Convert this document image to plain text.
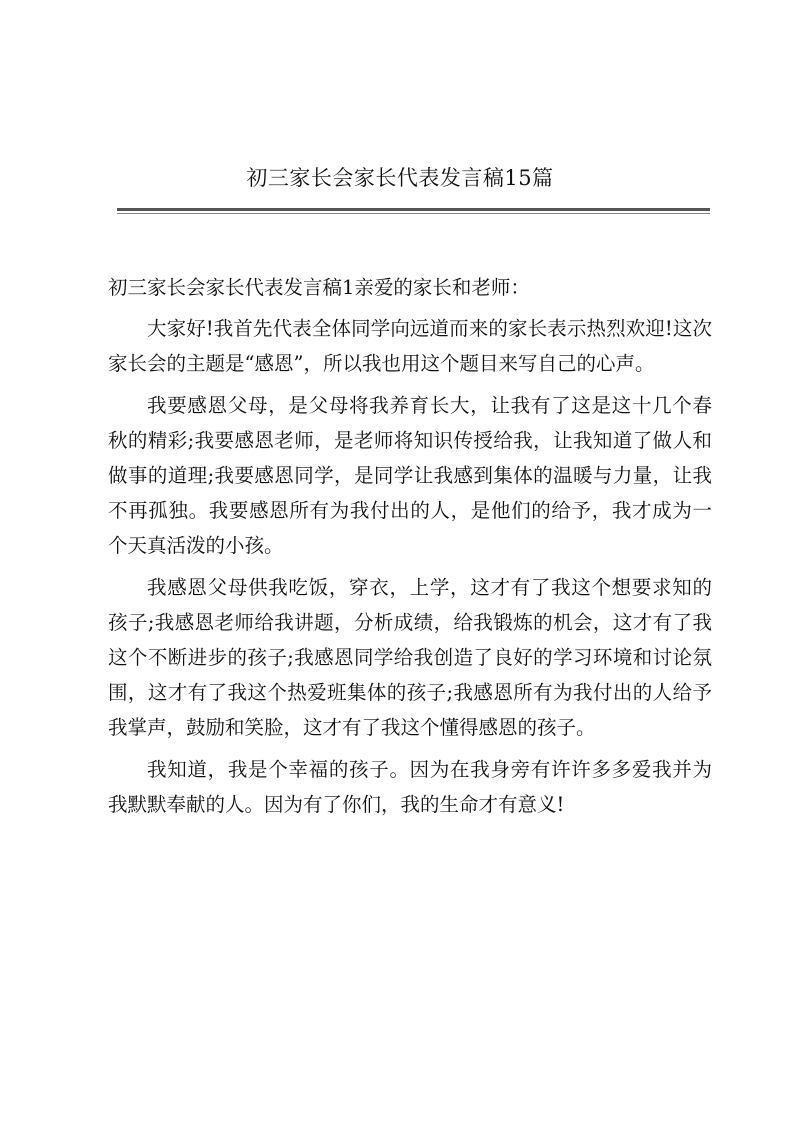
初三家长会家长代表发言稿15篇

初三家长会家长代表发言稿1亲爱的家长和老师：

大家好!我首先代表全体同学向远道而来的家长表示热烈欢迎!这次家长会的主题是“感恩”，所以我也用这个题目来写自己的心声。

我要感恩父母，是父母将我养育长大，让我有了这是这十几个春秋的精彩;我要感恩老师，是老师将知识传授给我，让我知道了做人和做事的道理;我要感恩同学，是同学让我感到集体的温暖与力量，让我不再孤独。我要感恩所有为我付出的人，是他们的给予，我才成为一个天真活泼的小孩。

我感恩父母供我吃饭，穿衣，上学，这才有了我这个想要求知的孩子;我感恩老师给我讲题，分析成绩，给我锻炼的机会，这才有了我这个不断进步的孩子;我感恩同学给我创造了良好的学习环境和讨论氛围，这才有了我这个热爱班集体的孩子;我感恩所有为我付出的人给予我掌声，鼓励和笑脸，这才有了我这个懂得感恩的孩子。

我知道，我是个幸福的孩子。因为在我身旁有许许多多爱我并为我默默奉献的人。因为有了你们，我的生命才有意义!
